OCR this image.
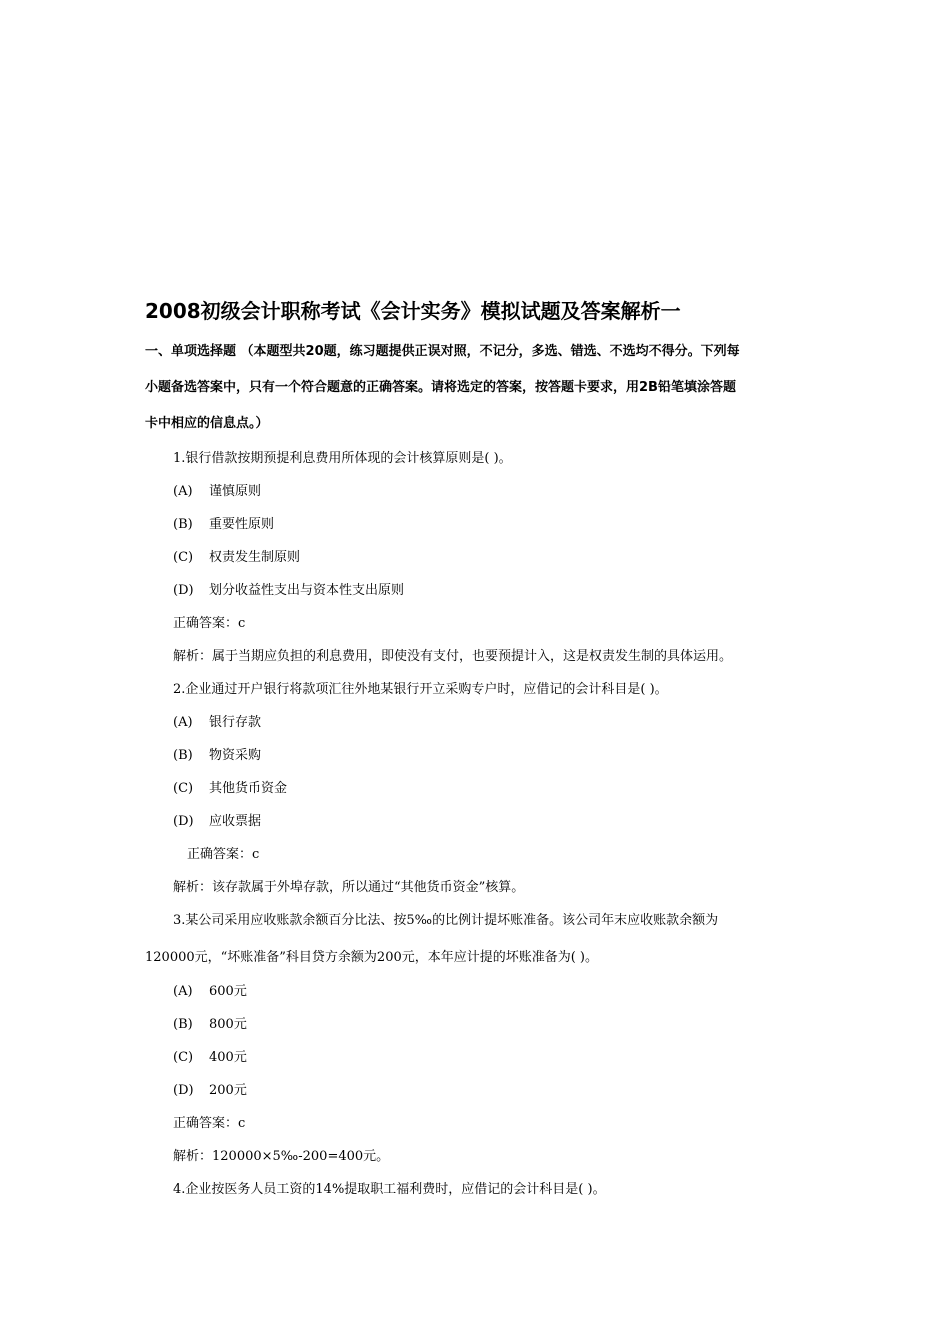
2008初级会计职称考试《会计实务》模拟试题及答案解析一
一、单项选择题 （本题型共20题，练习题提供正误对照，不记分，多选、错选、不选均不得分。下列每
小题备选答案中，只有一个符合题意的正确答案。请将选定的答案，按答题卡要求，用2B铅笔填涂答题
卡中相应的信息点。）
1.银行借款按期预提利息费用所体现的会计核算原则是( )。
(A) 谨慎原则
(B) 重要性原则
(C) 权责发生制原则
(D) 划分收益性支出与资本性支出原则
正确答案：c
解析：属于当期应负担的利息费用，即使没有支付，也要预提计入，这是权责发生制的具体运用。
2.企业通过开户银行将款项汇往外地某银行开立采购专户时，应借记的会计科目是( )。
(A) 银行存款
(B) 物资采购
(C) 其他货币资金
(D) 应收票据
正确答案：c
解析：该存款属于外埠存款，所以通过“其他货币资金”核算。
3.某公司采用应收账款余额百分比法、按5‰的比例计提坏账准备。该公司年末应收账款余额为
120000元，“坏账准备”科目贷方余额为200元，本年应计提的坏账准备为( )。
(A) 600元
(B) 800元
(C) 400元
(D) 200元
正确答案：c
解析：120000×5‰-200=400元。
4.企业按医务人员工资的14%提取职工福利费时，应借记的会计科目是( )。
